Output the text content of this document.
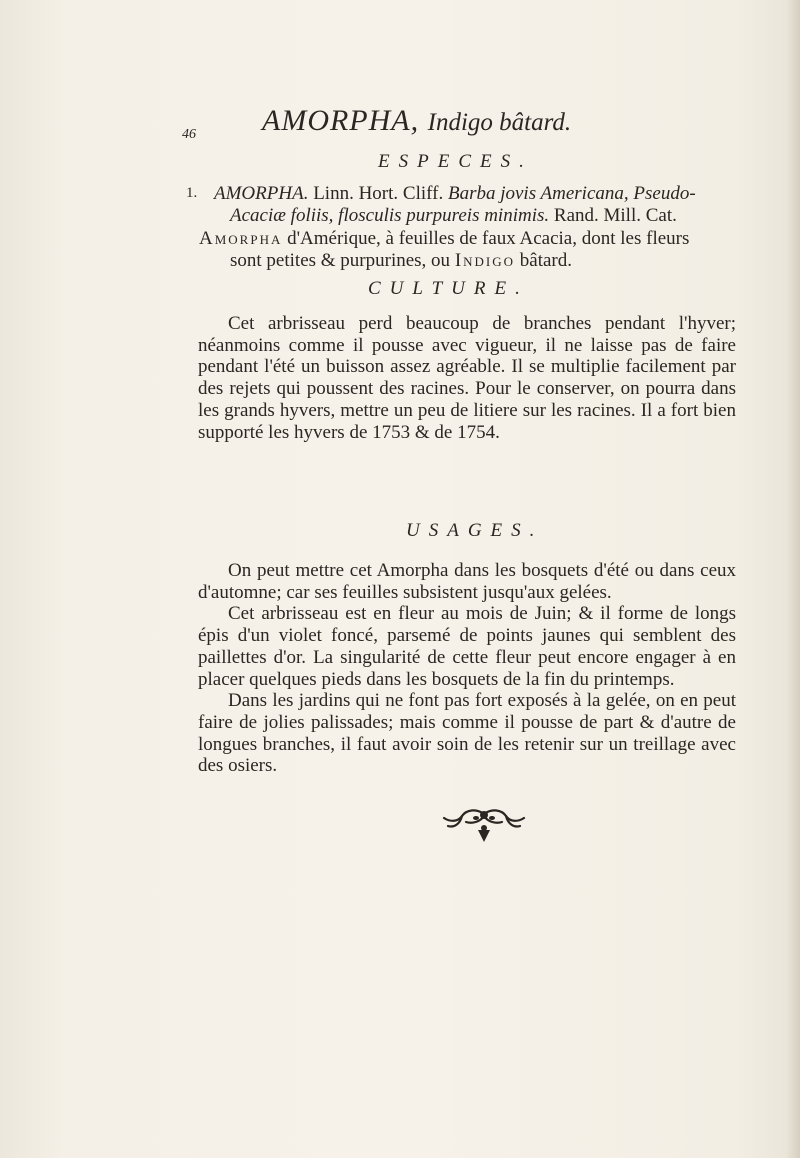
46 AMORPHA, Indigo bâtard.
ESPECES.
1. AMORPHA. Linn. Hort. Cliff. Barba jovis Americana, Pseudo-
Acaciæ foliis, flosculis purpureis minimis. Rand. Mill. Cat.
Amorpha d'Amérique, à feuilles de faux Acacia, dont les fleurs
sont petites & purpurines, ou Indigo bâtard.
CULTURE.

Cet arbrisseau perd beaucoup de branches pendant l'hyver; néanmoins comme il pousse avec vigueur, il ne laisse pas de faire pendant l'été un buisson assez agréable. Il se multiplie facilement par des rejets qui poussent des racines. Pour le conserver, on pourra dans les grands hyvers, mettre un peu de litiere sur les racines. Il a fort bien supporté les hyvers de 1753 & de 1754.

USAGES.

On peut mettre cet Amorpha dans les bosquets d'été ou dans ceux d'automne; car ses feuilles subsistent jusqu'aux gelées.

Cet arbrisseau est en fleur au mois de Juin; & il forme de longs épis d'un violet foncé, parsemé de points jaunes qui semblent des paillettes d'or. La singularité de cette fleur peut encore engager à en placer quelques pieds dans les bosquets de la fin du printemps.

Dans les jardins qui ne font pas fort exposés à la gelée, on en peut faire de jolies palissades; mais comme il pousse de part & d'autre de longues branches, il faut avoir soin de les retenir sur un treillage avec des osiers.
